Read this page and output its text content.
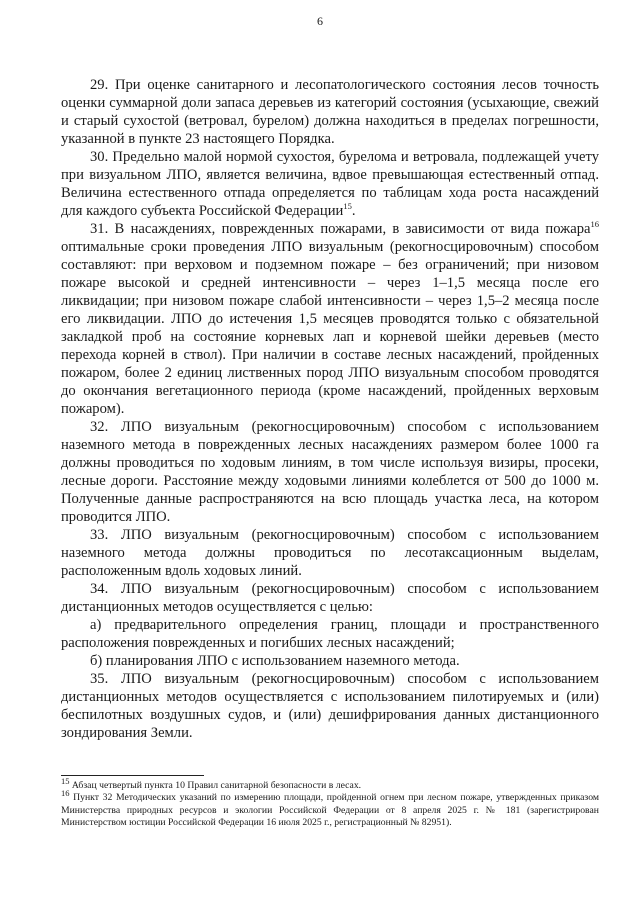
6

29. При оценке санитарного и лесопатологического состояния лесов точность оценки суммарной доли запаса деревьев из категорий состояния (усыхающие, свежий и старый сухостой (ветровал, бурелом) должна находиться в пределах погрешности, указанной в пункте 23 настоящего Порядка.

30. Предельно малой нормой сухостоя, бурелома и ветровала, подлежащей учету при визуальном ЛПО, является величина, вдвое превышающая естественный отпад. Величина естественного отпада определяется по таблицам хода роста насаждений для каждого субъекта Российской Федерации$^{15}$.

31. В насаждениях, поврежденных пожарами, в зависимости от вида пожара$^{16}$ оптимальные сроки проведения ЛПО визуальным (рекогносцировочным) способом составляют: при верховом и подземном пожаре – без ограничений; при низовом пожаре высокой и средней интенсивности – через 1–1,5 месяца после его ликвидации; при низовом пожаре слабой интенсивности – через 1,5–2 месяца после его ликвидации. ЛПО до истечения 1,5 месяцев проводятся только с обязательной закладкой проб на состояние корневых лап и корневой шейки деревьев (место перехода корней в ствол). При наличии в составе лесных насаждений, пройденных пожаром, более 2 единиц лиственных пород ЛПО визуальным способом проводятся до окончания вегетационного периода (кроме насаждений, пройденных верховым пожаром).

32. ЛПО визуальным (рекогносцировочным) способом с использованием наземного метода в поврежденных лесных насаждениях размером более 1000 га должны проводиться по ходовым линиям, в том числе используя визиры, просеки, лесные дороги. Расстояние между ходовыми линиями колеблется от 500 до 1000 м. Полученные данные распространяются на всю площадь участка леса, на котором проводится ЛПО.

33. ЛПО визуальным (рекогносцировочным) способом с использованием наземного метода должны проводиться по лесотаксационным выделам, расположенным вдоль ходовых линий.

34. ЛПО визуальным (рекогносцировочным) способом с использованием дистанционных методов осуществляется с целью:

а) предварительного определения границ, площади и пространственного расположения поврежденных и погибших лесных насаждений;

б) планирования ЛПО с использованием наземного метода.

35. ЛПО визуальным (рекогносцировочным) способом с использованием дистанционных методов осуществляется с использованием пилотируемых и (или) беспилотных воздушных судов, и (или) дешифрирования данных дистанционного зондирования Земли.

$^{15}$ Абзац четвертый пункта 10 Правил санитарной безопасности в лесах.

$^{16}$ Пункт 32 Методических указаний по измерению площади, пройденной огнем при лесном пожаре, утвержденных приказом Министерства природных ресурсов и экологии Российской Федерации от 8 апреля 2025 г. № 181 (зарегистрирован Министерством юстиции Российской Федерации 16 июля 2025 г., регистрационный № 82951).
